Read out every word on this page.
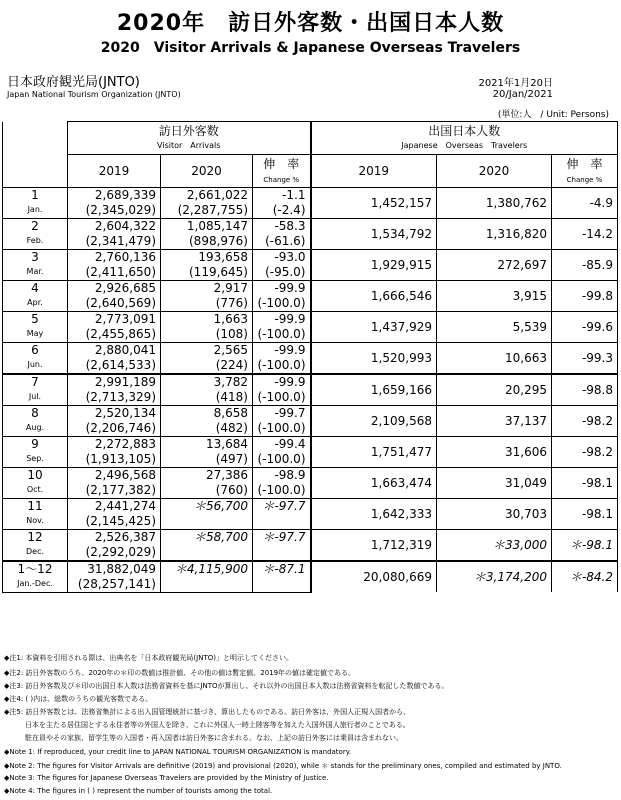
2020年　訪日外客数・出国日本人数
2020　Visitor Arrivals & Japanese Overseas Travelers
日本政府観光局(JNTO)
Japan National Tourism Organization (JNTO)
2021年1月20日
20/Jan/2021
(単位:人　/ Unit: Persons)
	訪日外客数			出国日本人数		
	Visitor　Arrivals			Japanese　Overseas　Travelers		
	2019	2020	伸　率	2019	2020	伸　率
			Change %			Change %
1	2,689,339	2,661,022	-1.1	1,452,157	1,380,762	-4.9
Jan.	(2,345,029)	(2,287,755)	(-2.4)			
2	2,604,322	1,085,147	-58.3	1,534,792	1,316,820	-14.2
Feb.	(2,341,479)	(898,976)	(-61.6)			
3	2,760,136	193,658	-93.0	1,929,915	272,697	-85.9
Mar.	(2,411,650)	(119,645)	(-95.0)			
4	2,926,685	2,917	-99.9	1,666,546	3,915	-99.8
Apr.	(2,640,569)	(776)	(-100.0)			
5	2,773,091	1,663	-99.9	1,437,929	5,539	-99.6
May	(2,455,865)	(108)	(-100.0)			
6	2,880,041	2,565	-99.9	1,520,993	10,663	-99.3
Jun.	(2,614,533)	(224)	(-100.0)			
7	2,991,189	3,782	-99.9	1,659,166	20,295	-98.8
Jul.	(2,713,329)	(418)	(-100.0)			
8	2,520,134	8,658	-99.7	2,109,568	37,137	-98.2
Aug.	(2,206,746)	(482)	(-100.0)			
9	2,272,883	13,684	-99.4	1,751,477	31,606	-98.2
Sep.	(1,913,105)	(497)	(-100.0)			
10	2,496,568	27,386	-98.9	1,663,474	31,049	-98.1
Oct.	(2,177,382)	(760)	(-100.0)			
11	2,441,274	＊56,700	＊-97.7	1,642,333	30,703	-98.1
Nov.	(2,145,425)					
12	2,526,387	＊58,700	＊-97.7	1,712,319	＊33,000	＊-98.1
Dec.	(2,292,029)					
1～12	31,882,049	＊4,115,900	＊-87.1	20,080,669	＊3,174,200	＊-84.2
Jan.-Dec.	(28,257,141)					
◆注1: 本資料を引用される際は、出典名を「日本政府観光局(JNTO)」と明示してください。
◆注2: 訪日外客数のうち、2020年の＊印の数値は推計値、その他の値は暫定値、2019年の値は確定値である。
◆注3: 訪日外客数及び＊印の出国日本人数は法務省資料を基にJNTOが算出し、それ以外の出国日本人数は法務省資料を転記した数値である。
◆注4: ( )内は、総数のうちの観光客数である。
◆注5: 訪日外客数とは、法務省集計による出入国管理統計に基づき、算出したものである。訪日外客は、外国人正規入国者から、
　　　日本を主たる居住国とする永住者等の外国人を除き、これに外国人一時上陸客等を加えた入国外国人旅行者のことである。
　　　駐在員やその家族、留学生等の入国者・再入国者は訪日外客に含まれる。なお、上記の訪日外客には乗員は含まれない。
◆Note 1: If reproduced, your credit line to JAPAN NATIONAL TOURISM ORGANIZATION is mandatory.
◆Note 2: The figures for Visitor Arrivals are definitive (2019) and provisional (2020), while ＊ stands for the preliminary ones, compiled and estimated by JNTO.
◆Note 3: The figures for Japanese Overseas Travelers are provided by the Ministry of Justice.
◆Note 4: The figures in ( ) represent the number of tourists among the total.
